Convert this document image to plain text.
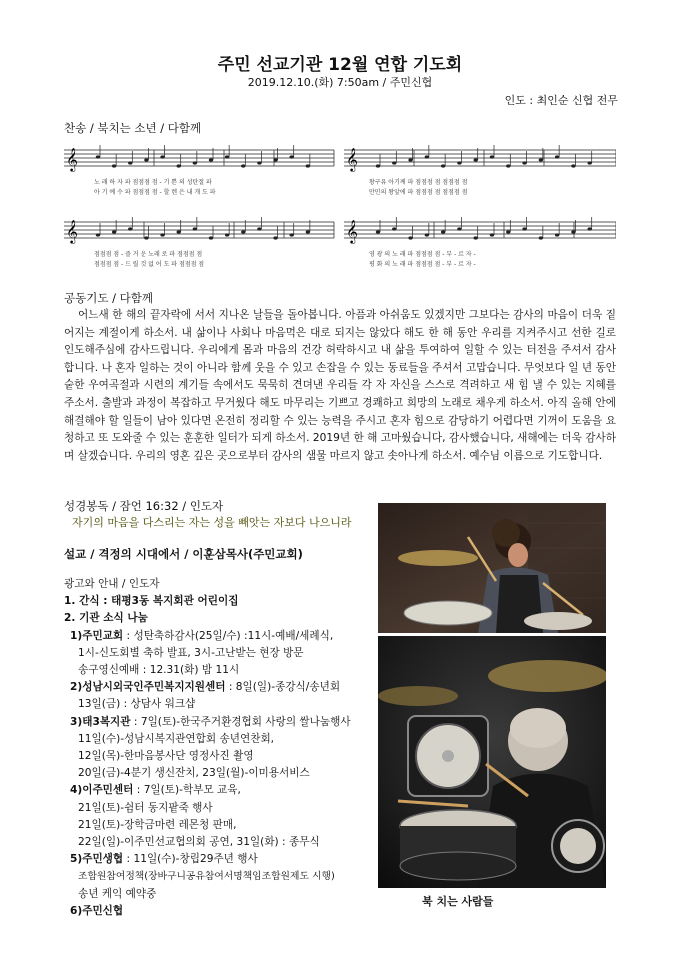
주민 선교기관 12월 연합 기도회
2019.12.10.(화) 7:50am / 주민신협
인도 : 최인순 신협 전무
찬송 / 북치는 소년 / 다함께
𝄞	𝄞
𝄞	𝄞
노 래 하 자 파 점점점 점 - 기 쁜 의 성탄절 파
아 기 예 수 파 점점점 점 - 할 렌 은 내 개 도 파
왕구유 아기께 파 점점점 점 점점점 점
만민의 왕앞에 파 점점점 점 점점점 점
점점점 점 - 즐 거 운 노래 로 파 점점점 점
점점점 점 - 드 릴 것 없 어 도 파 점점점 점
영 광 의 노 래 파 점점점 점 - 부 - 르 자 -
평 화 의 노 래 파 점점점 점 - 부 - 르 자 -
공동기도 / 다함께
어느새 한 해의 끝자락에 서서 지나온 날들을 돌아봅니다. 아픔과 아쉬움도 있겠지만 그보다는 감사의 마음이 더욱 짙어지는 계절이게 하소서. 내 삶이나 사회나 마음먹은 대로 되지는 않았다 해도 한 해 동안 우리를 지켜주시고 선한 길로 인도해주심에 감사드립니다. 우리에게 몸과 마음의 건강 허락하시고 내 삶을 투여하여 일할 수 있는 터전을 주셔서 감사합니다. 나 혼자 일하는 것이 아니라 함께 웃을 수 있고 손잡을 수 있는 동료들을 주셔서 고맙습니다. 무엇보다 일 년 동안 숱한 우여곡절과 시련의 계기들 속에서도 묵묵히 견뎌낸 우리들 각 자 자신을 스스로 격려하고 새 힘 낼 수 있는 지혜를 주소서. 출발과 과정이 복잡하고 무거웠다 해도 마무리는 기쁘고 경쾌하고 희망의 노래로 채우게 하소서. 아직 올해 안에 해결해야 할 일들이 남아 있다면 온전히 정리할 수 있는 능력을 주시고 혼자 힘으로 감당하기 어렵다면 기꺼이 도움을 요청하고 또 도와줄 수 있는 훈훈한 일터가 되게 하소서. 2019년 한 해 고마웠습니다, 감사했습니다, 새해에는 더욱 감사하며 살겠습니다. 우리의 영혼 깊은 곳으로부터 감사의 샘물 마르지 않고 솟아나게 하소서. 예수님 이름으로 기도합니다.
성경봉독 / 잠언 16:32 / 인도자
자기의 마음을 다스리는 자는 성을 빼앗는 자보다 나으니라
설교 / 격정의 시대에서 / 이훈삼목사(주민교회)
광고와 안내 / 인도자
1. 간식 : 태평3동 복지회관 어린이집
2. 기관 소식 나눔
1)주민교회 : 성탄축하감사(25일/수) :11시-예배/세례식,
1시-신도회별 축하 발표, 3시-고난받는 현장 방문
송구영신예배 : 12.31(화) 밤 11시
2)성남시외국인주민복지지원센터 : 8일(일)-종강식/송년회
13일(금) : 상담사 워크샵
3)태3복지관 : 7일(토)-한국주거환경협회 사랑의 쌀나눔행사
11일(수)-성남시복지관연합회 송년연찬회,
12일(목)-한마음봉사단 영정사진 촬영
20일(금)-4분기 생신잔치, 23일(월)-이미용서비스
4)이주민센터 : 7일(토)-학부모 교육,
21일(토)-쉼터 동지팥죽 행사
21일(토)-장학금마련 레몬청 판매,
22일(일)-이주민선교협의회 공연, 31일(화) : 종무식
5)주민생협 : 11일(수)-창립29주년 행사
조합원참여정책(장바구니공유참여서명책임조합원제도 시행)
송년 케익 예약중
6)주민신협
북 치는 사람들
